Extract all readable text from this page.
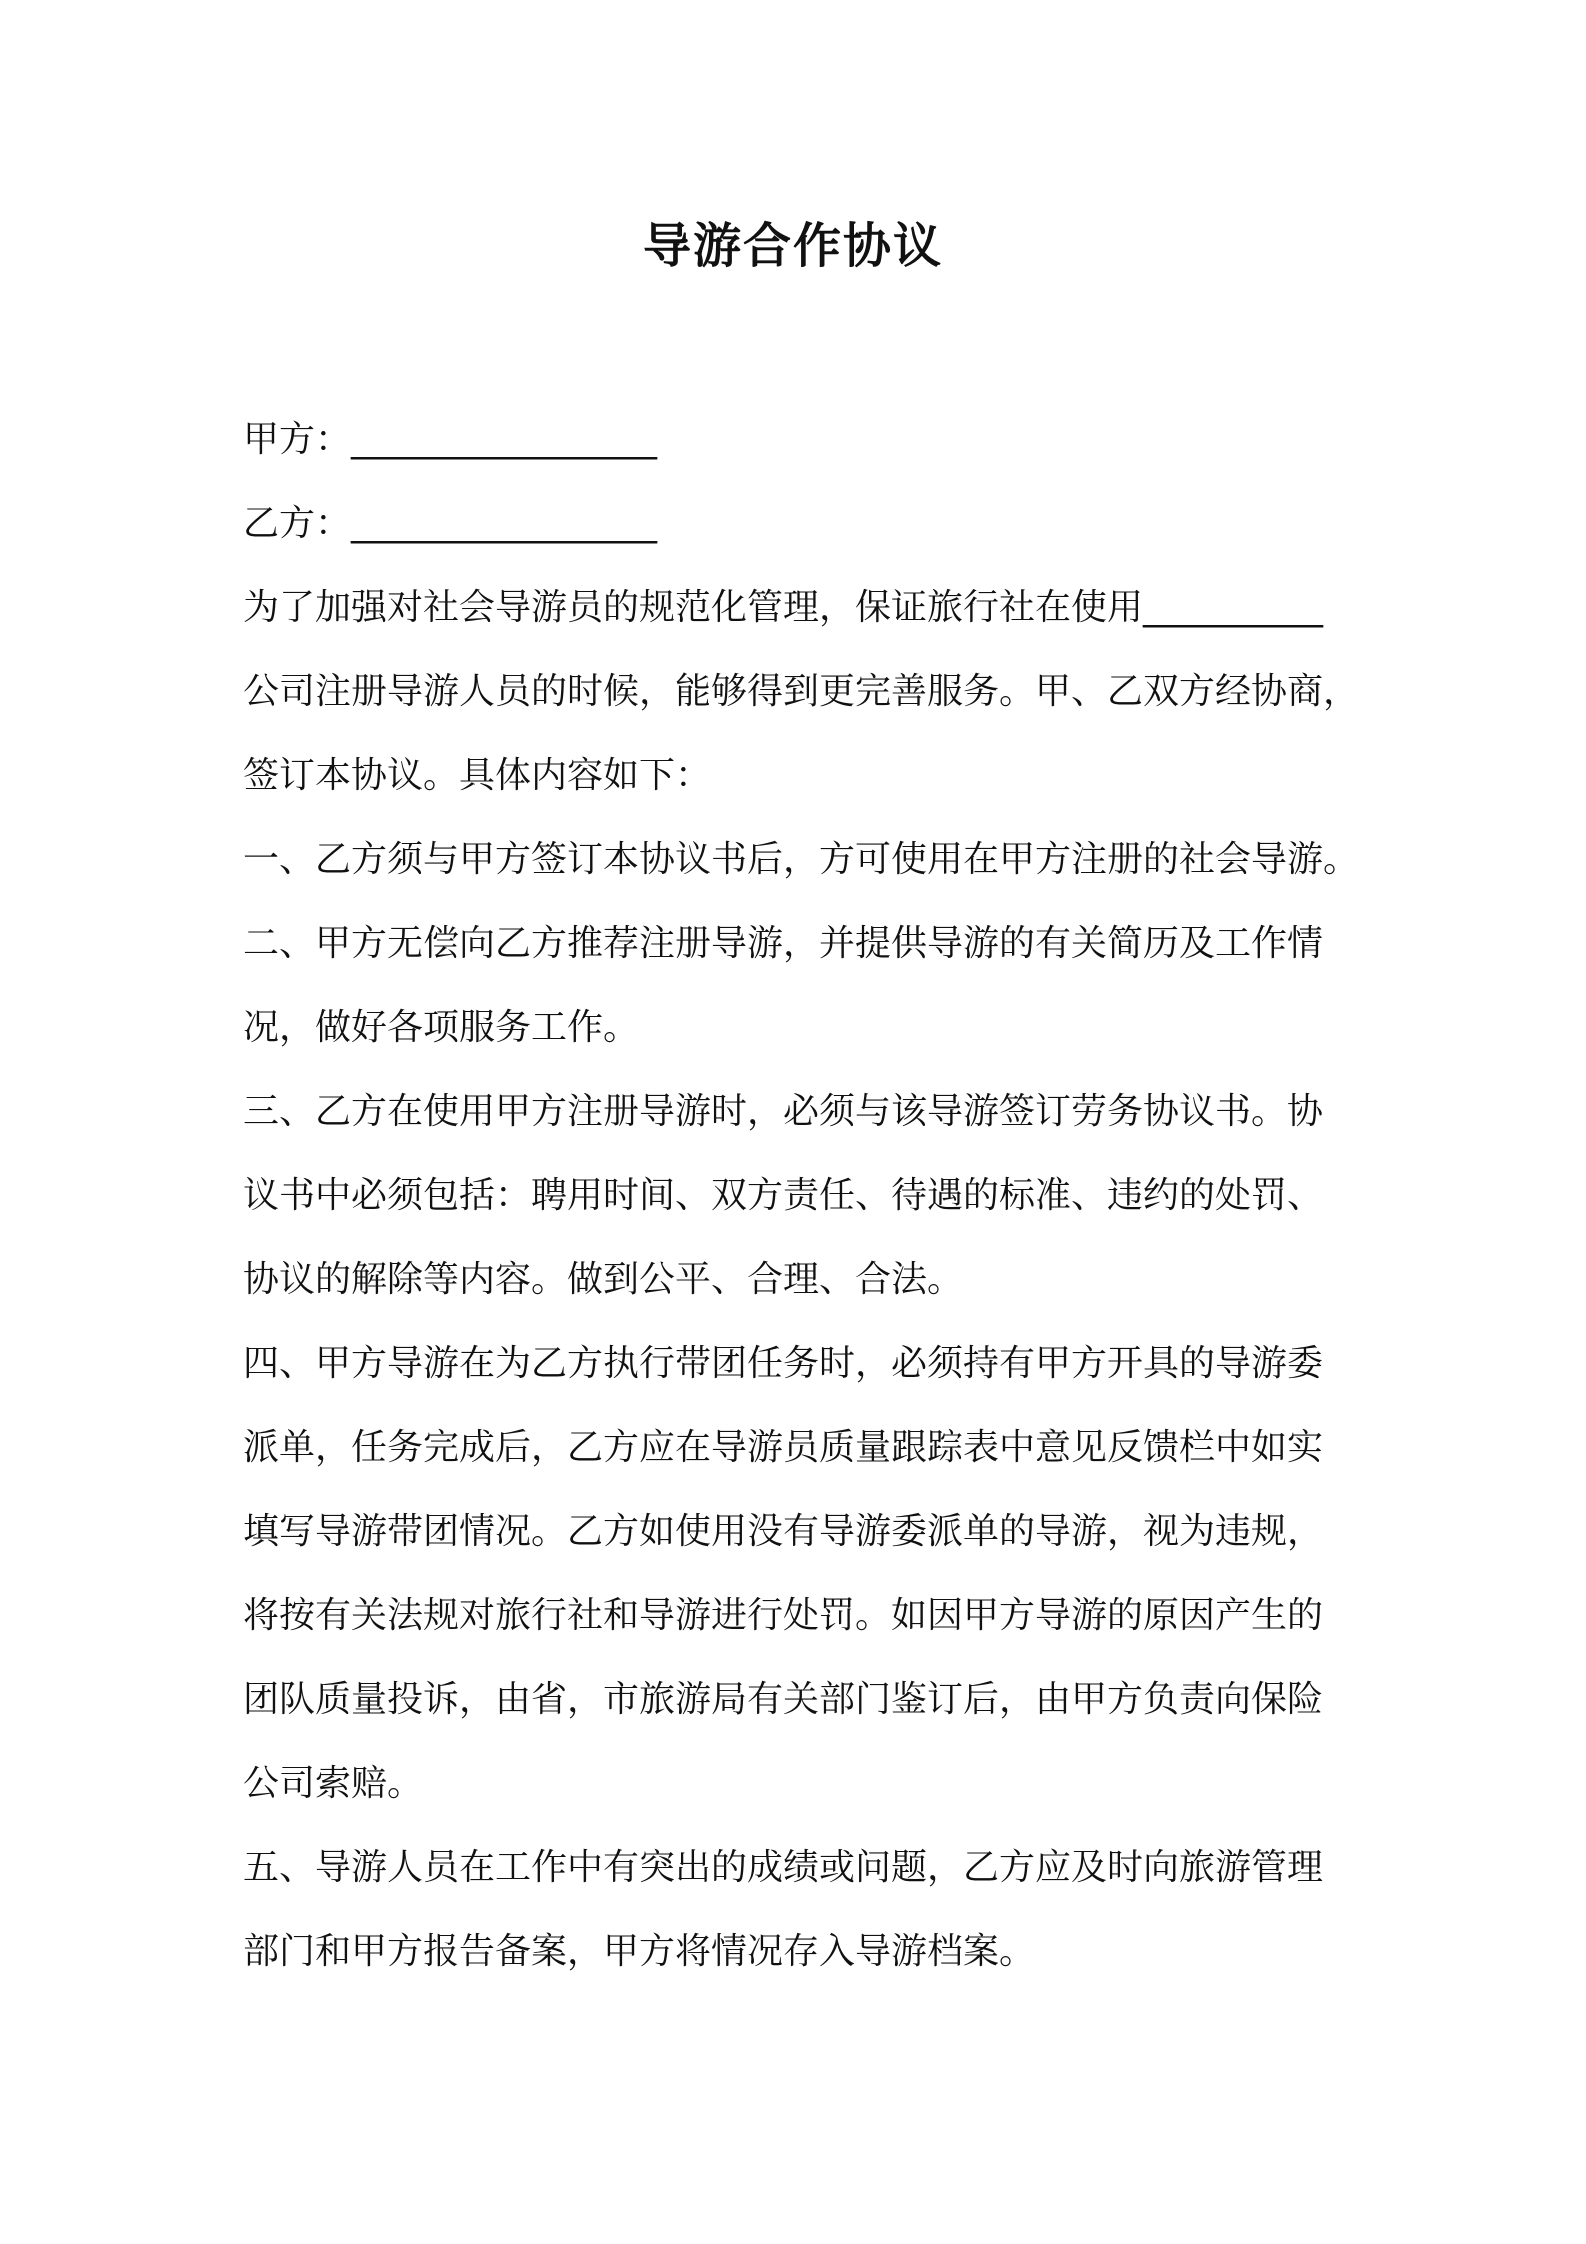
导游合作协议
甲方：_________________
乙方：_________________
为了加强对社会导游员的规范化管理，保证旅行社在使用__________
公司注册导游人员的时候，能够得到更完善服务。甲、乙双方经协商，
签订本协议。具体内容如下：
一、乙方须与甲方签订本协议书后，方可使用在甲方注册的社会导游。
二、甲方无偿向乙方推荐注册导游，并提供导游的有关简历及工作情
况，做好各项服务工作。
三、乙方在使用甲方注册导游时，必须与该导游签订劳务协议书。协
议书中必须包括：聘用时间、双方责任、待遇的标准、违约的处罚、
协议的解除等内容。做到公平、合理、合法。
四、甲方导游在为乙方执行带团任务时，必须持有甲方开具的导游委
派单，任务完成后，乙方应在导游员质量跟踪表中意见反馈栏中如实
填写导游带团情况。乙方如使用没有导游委派单的导游，视为违规，
将按有关法规对旅行社和导游进行处罚。如因甲方导游的原因产生的
团队质量投诉，由省，市旅游局有关部门鉴订后，由甲方负责向保险
公司索赔。
五、导游人员在工作中有突出的成绩或问题，乙方应及时向旅游管理
部门和甲方报告备案，甲方将情况存入导游档案。
